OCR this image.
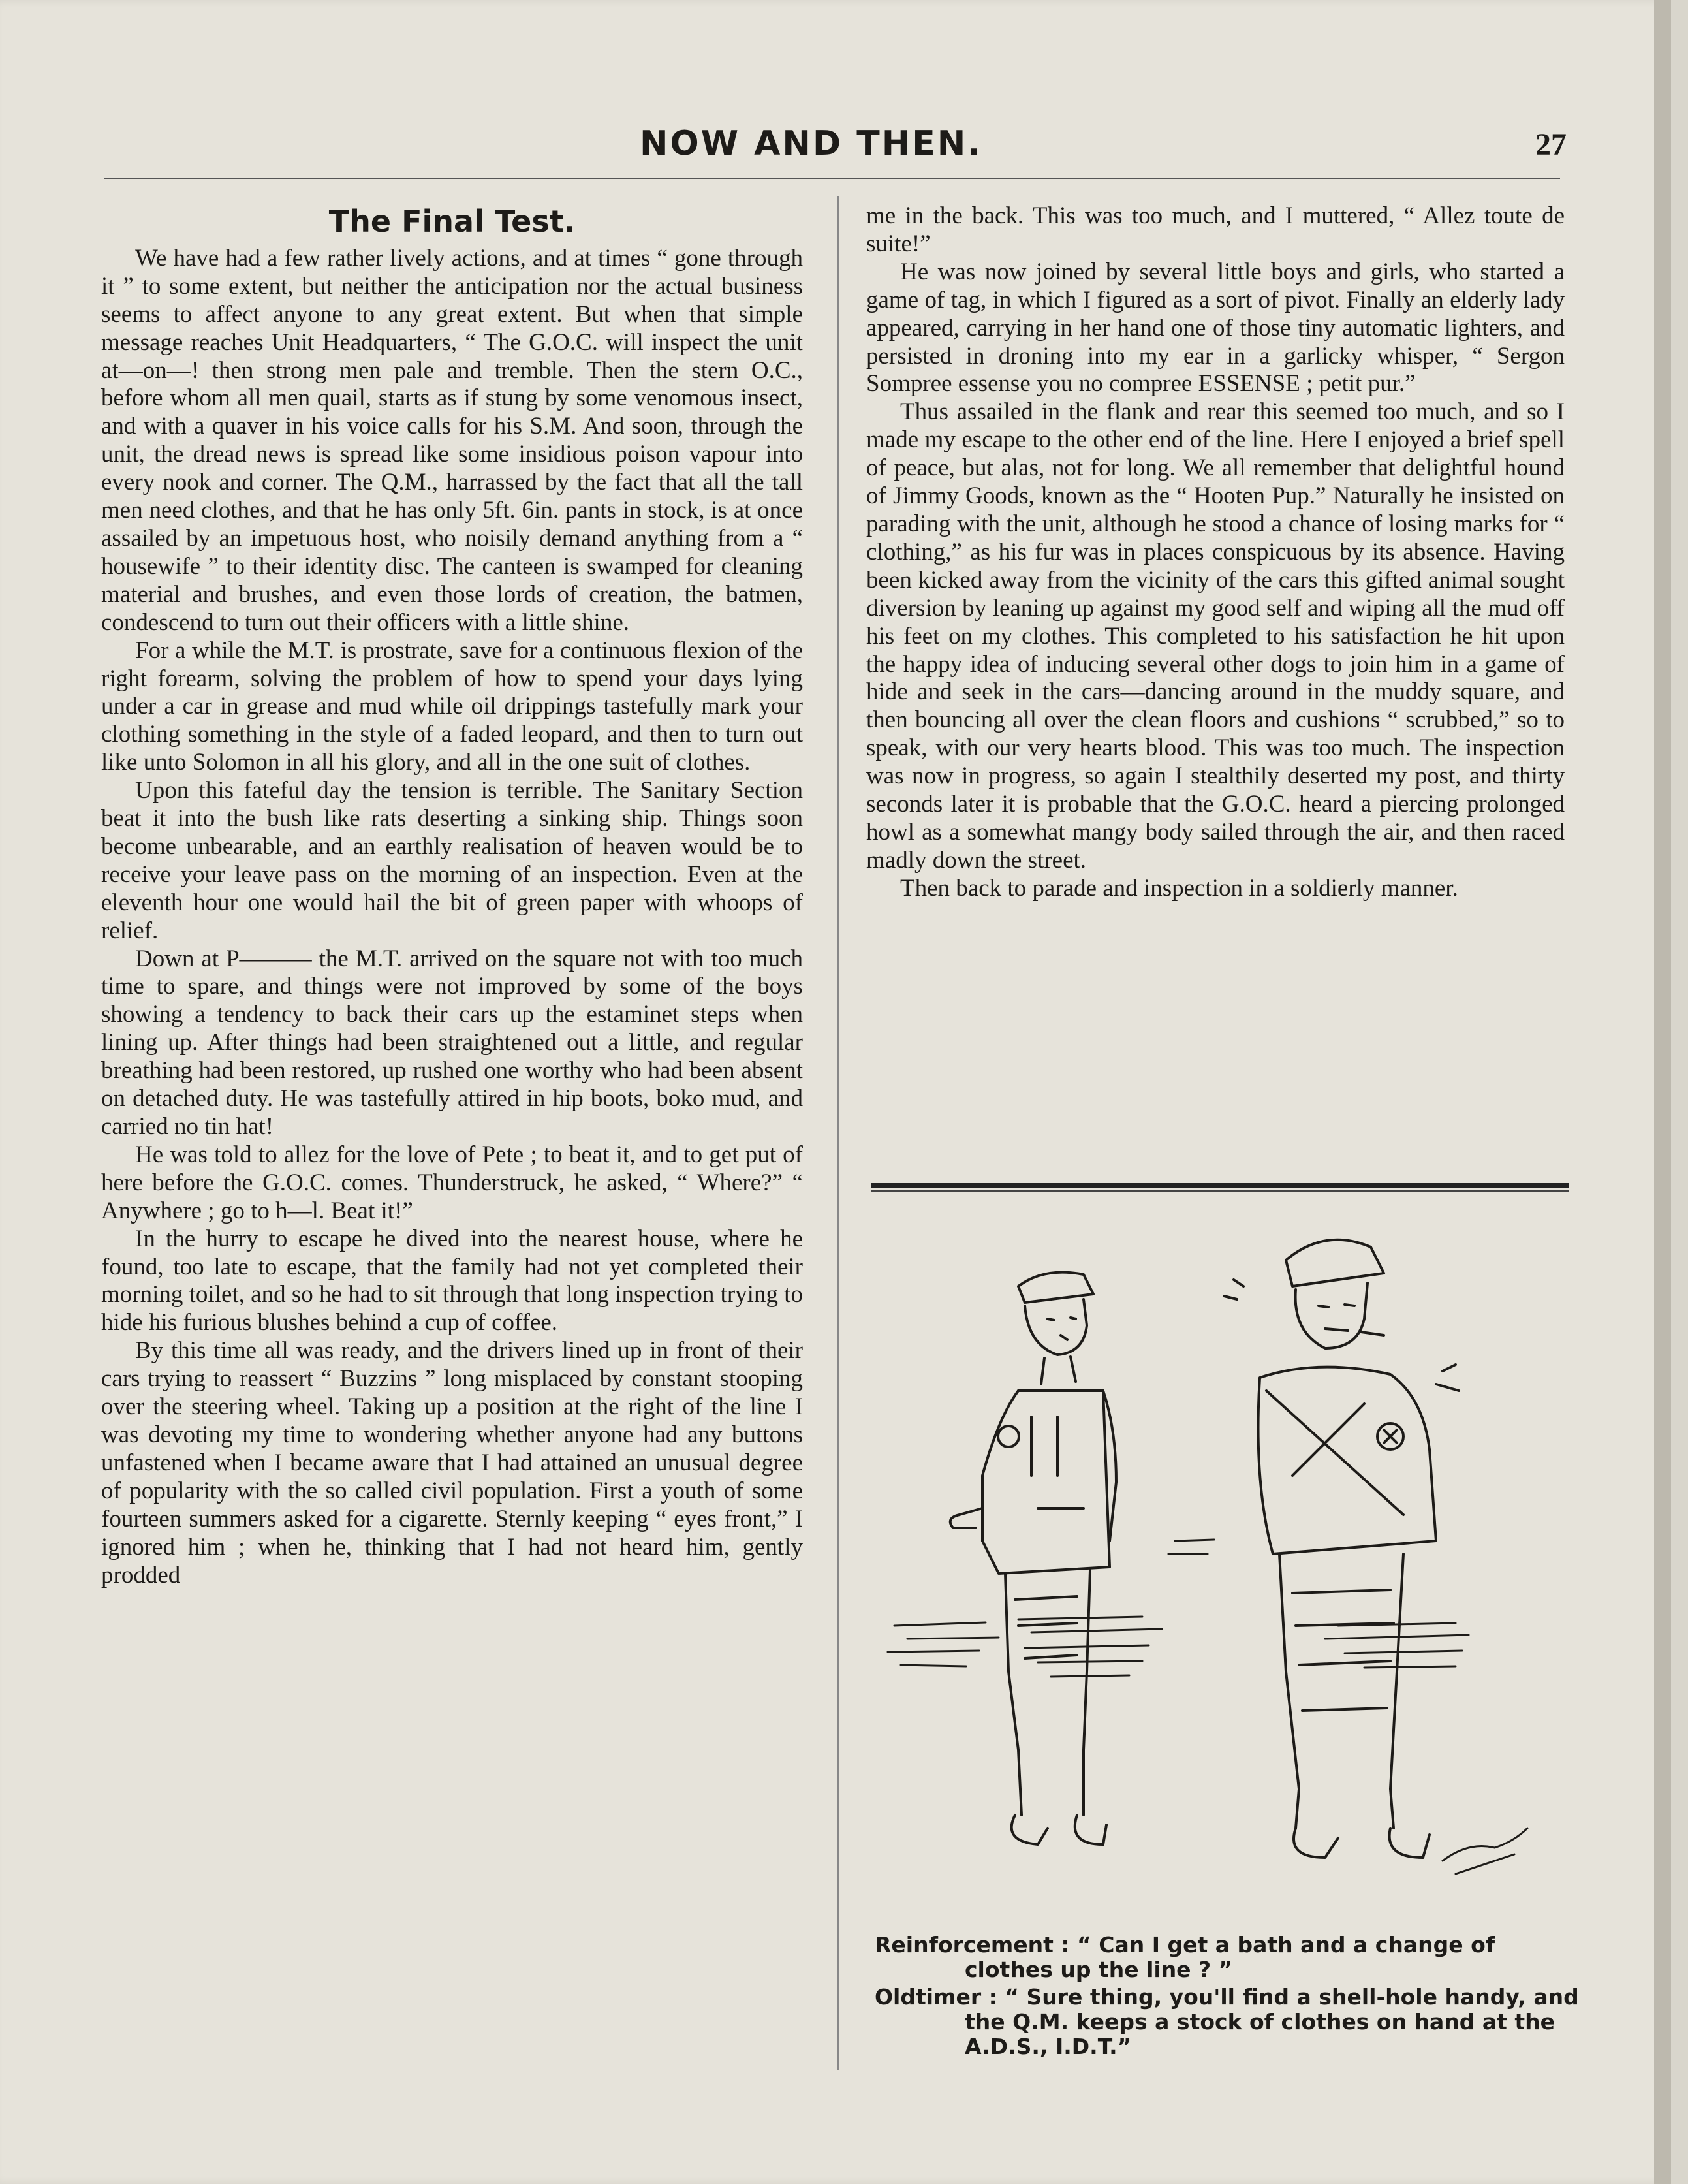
NOW AND THEN.	27
The Final Test.

We have had a few rather lively actions, and at times “ gone through it ” to some extent, but neither the anticipation nor the actual business seems to affect anyone to any great extent. But when that simple message reaches Unit Headquarters, “ The G.O.C. will inspect the unit at—on—! then strong men pale and tremble. Then the stern O.C., before whom all men quail, starts as if stung by some venomous insect, and with a quaver in his voice calls for his S.M. And soon, through the unit, the dread news is spread like some insidious poison vapour into every nook and corner. The Q.M., harrassed by the fact that all the tall men need clothes, and that he has only 5ft. 6in. pants in stock, is at once assailed by an impetuous host, who noisily demand anything from a “ housewife ” to their identity disc. The canteen is swamped for cleaning material and brushes, and even those lords of creation, the batmen, condescend to turn out their officers with a little shine.

For a while the M.T. is prostrate, save for a continuous flexion of the right forearm, solving the problem of how to spend your days lying under a car in grease and mud while oil drippings tastefully mark your clothing something in the style of a faded leopard, and then to turn out like unto Solomon in all his glory, and all in the one suit of clothes.

Upon this fateful day the tension is terrible. The Sanitary Section beat it into the bush like rats deserting a sinking ship. Things soon become unbearable, and an earthly realisation of heaven would be to receive your leave pass on the morning of an inspection. Even at the eleventh hour one would hail the bit of green paper with whoops of relief.

Down at P——— the M.T. arrived on the square not with too much time to spare, and things were not improved by some of the boys showing a tendency to back their cars up the estaminet steps when lining up. After things had been straightened out a little, and regular breathing had been restored, up rushed one worthy who had been absent on detached duty. He was tastefully attired in hip boots, boko mud, and carried no tin hat!

He was told to allez for the love of Pete ; to beat it, and to get put of here before the G.O.C. comes. Thunderstruck, he asked, “ Where?” “ Anywhere ; go to h—l. Beat it!”

In the hurry to escape he dived into the nearest house, where he found, too late to escape, that the family had not yet completed their morning toilet, and so he had to sit through that long inspection trying to hide his furious blushes behind a cup of coffee.

By this time all was ready, and the drivers lined up in front of their cars trying to reassert “ Buzzins ” long misplaced by constant stooping over the steering wheel. Taking up a position at the right of the line I was devoting my time to wondering whether anyone had any buttons unfastened when I became aware that I had attained an unusual degree of popularity with the so called civil population. First a youth of some fourteen summers asked for a cigarette. Sternly keeping “ eyes front,” I ignored him ; when he, thinking that I had not heard him, gently prodded

me in the back. This was too much, and I muttered, “ Allez toute de suite!”

He was now joined by several little boys and girls, who started a game of tag, in which I figured as a sort of pivot. Finally an elderly lady appeared, carrying in her hand one of those tiny automatic lighters, and persisted in droning into my ear in a garlicky whisper, “ Sergon Sompree essense you no compree ESSENSE ; petit pur.”

Thus assailed in the flank and rear this seemed too much, and so I made my escape to the other end of the line. Here I enjoyed a brief spell of peace, but alas, not for long. We all remember that delightful hound of Jimmy Goods, known as the “ Hooten Pup.” Naturally he insisted on parading with the unit, although he stood a chance of losing marks for “ clothing,” as his fur was in places conspicuous by its absence. Having been kicked away from the vicinity of the cars this gifted animal sought diversion by leaning up against my good self and wiping all the mud off his feet on my clothes. This completed to his satisfaction he hit upon the happy idea of inducing several other dogs to join him in a game of hide and seek in the cars—dancing around in the muddy square, and then bouncing all over the clean floors and cushions “ scrubbed,” so to speak, with our very hearts blood. This was too much. The inspection was now in progress, so again I stealthily deserted my post, and thirty seconds later it is probable that the G.O.C. heard a piercing prolonged howl as a somewhat mangy body sailed through the air, and then raced madly down the street.

Then back to parade and inspection in a soldierly manner.

Reinforcement : “ Can I get a bath and a change of clothes up the line ? ”

Oldtimer : “ Sure thing, you'll find a shell-hole handy, and the Q.M. keeps a stock of clothes on hand at the A.D.S., I.D.T.”
